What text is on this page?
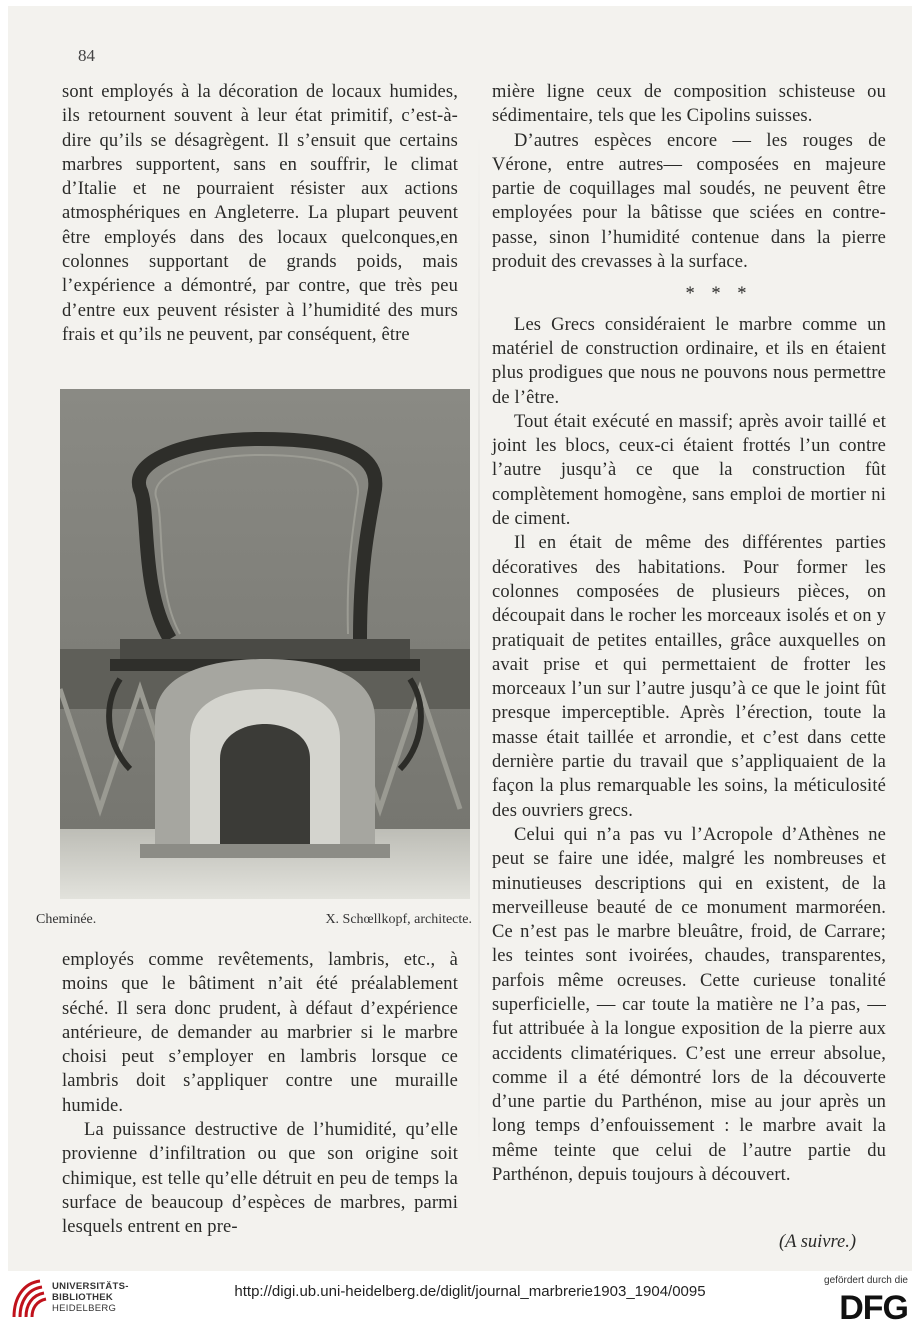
84

sont employés à la décoration de locaux humides, ils retournent souvent à leur état primitif, c’est-à-dire qu’ils se désagrègent. Il s’ensuit que certains marbres supportent, sans en souffrir, le climat d’Italie et ne pourraient résister aux actions atmosphériques en Angleterre. La plupart peuvent être employés dans des locaux quelconques,en colonnes supportant de grands poids, mais l’expérience a démontré, par contre, que très peu d’entre eux peuvent résister à l’humidité des murs frais et qu’ils ne peuvent, par conséquent, être

Cheminée.	X. Schœllkopf, architecte.

employés comme revêtements, lambris, etc., à moins que le bâtiment n’ait été préalablement séché. Il sera donc prudent, à défaut d’expérience antérieure, de demander au marbrier si le marbre choisi peut s’employer en lambris lorsque ce lambris doit s’appliquer contre une muraille humide.

La puissance destructive de l’humidité, qu’elle provienne d’infiltration ou que son origine soit chimique, est telle qu’elle détruit en peu de temps la surface de beaucoup d’espèces de marbres, parmi lesquels entrent en pre-

mière ligne ceux de composition schisteuse ou sédimentaire, tels que les Cipolins suisses.

D’autres espèces encore — les rouges de Vérone, entre autres— composées en majeure partie de coquillages mal soudés, ne peuvent être employées pour la bâtisse que sciées en contre-passe, sinon l’humidité contenue dans la pierre produit des crevasses à la surface.

* * *

Les Grecs considéraient le marbre comme un matériel de construction ordinaire, et ils en étaient plus prodigues que nous ne pouvons nous permettre de l’être.

Tout était exécuté en massif; après avoir taillé et joint les blocs, ceux-ci étaient frottés l’un contre l’autre jusqu’à ce que la construction fût complètement homogène, sans emploi de mortier ni de ciment.

Il en était de même des différentes parties décoratives des habitations. Pour former les colonnes composées de plusieurs pièces, on découpait dans le rocher les morceaux isolés et on y pratiquait de petites entailles, grâce auxquelles on avait prise et qui permettaient de frotter les morceaux l’un sur l’autre jusqu’à ce que le joint fût presque imperceptible. Après l’érection, toute la masse était taillée et arrondie, et c’est dans cette dernière partie du travail que s’appliquaient de la façon la plus remarquable les soins, la méticulosité des ouvriers grecs.

Celui qui n’a pas vu l’Acropole d’Athènes ne peut se faire une idée, malgré les nombreuses et minutieuses descriptions qui en existent, de la merveilleuse beauté de ce monument marmoréen. Ce n’est pas le marbre bleuâtre, froid, de Carrare; les teintes sont ivoirées, chaudes, transparentes, parfois même ocreuses. Cette curieuse tonalité superficielle, — car toute la matière ne l’a pas, — fut attribuée à la longue exposition de la pierre aux accidents climatériques. C’est une erreur absolue, comme il a été démontré lors de la découverte d’une partie du Parthénon, mise au jour après un long temps d’enfouissement : le marbre avait la même teinte que celui de l’autre partie du Parthénon, depuis toujours à découvert.

(A suivre.)
UNIVERSITÄTS-
BIBLIOTHEK
HEIDELBERG
http://digi.ub.uni-heidelberg.de/diglit/journal_marbrerie1903_1904/0095
gefördert durch die
DFG
